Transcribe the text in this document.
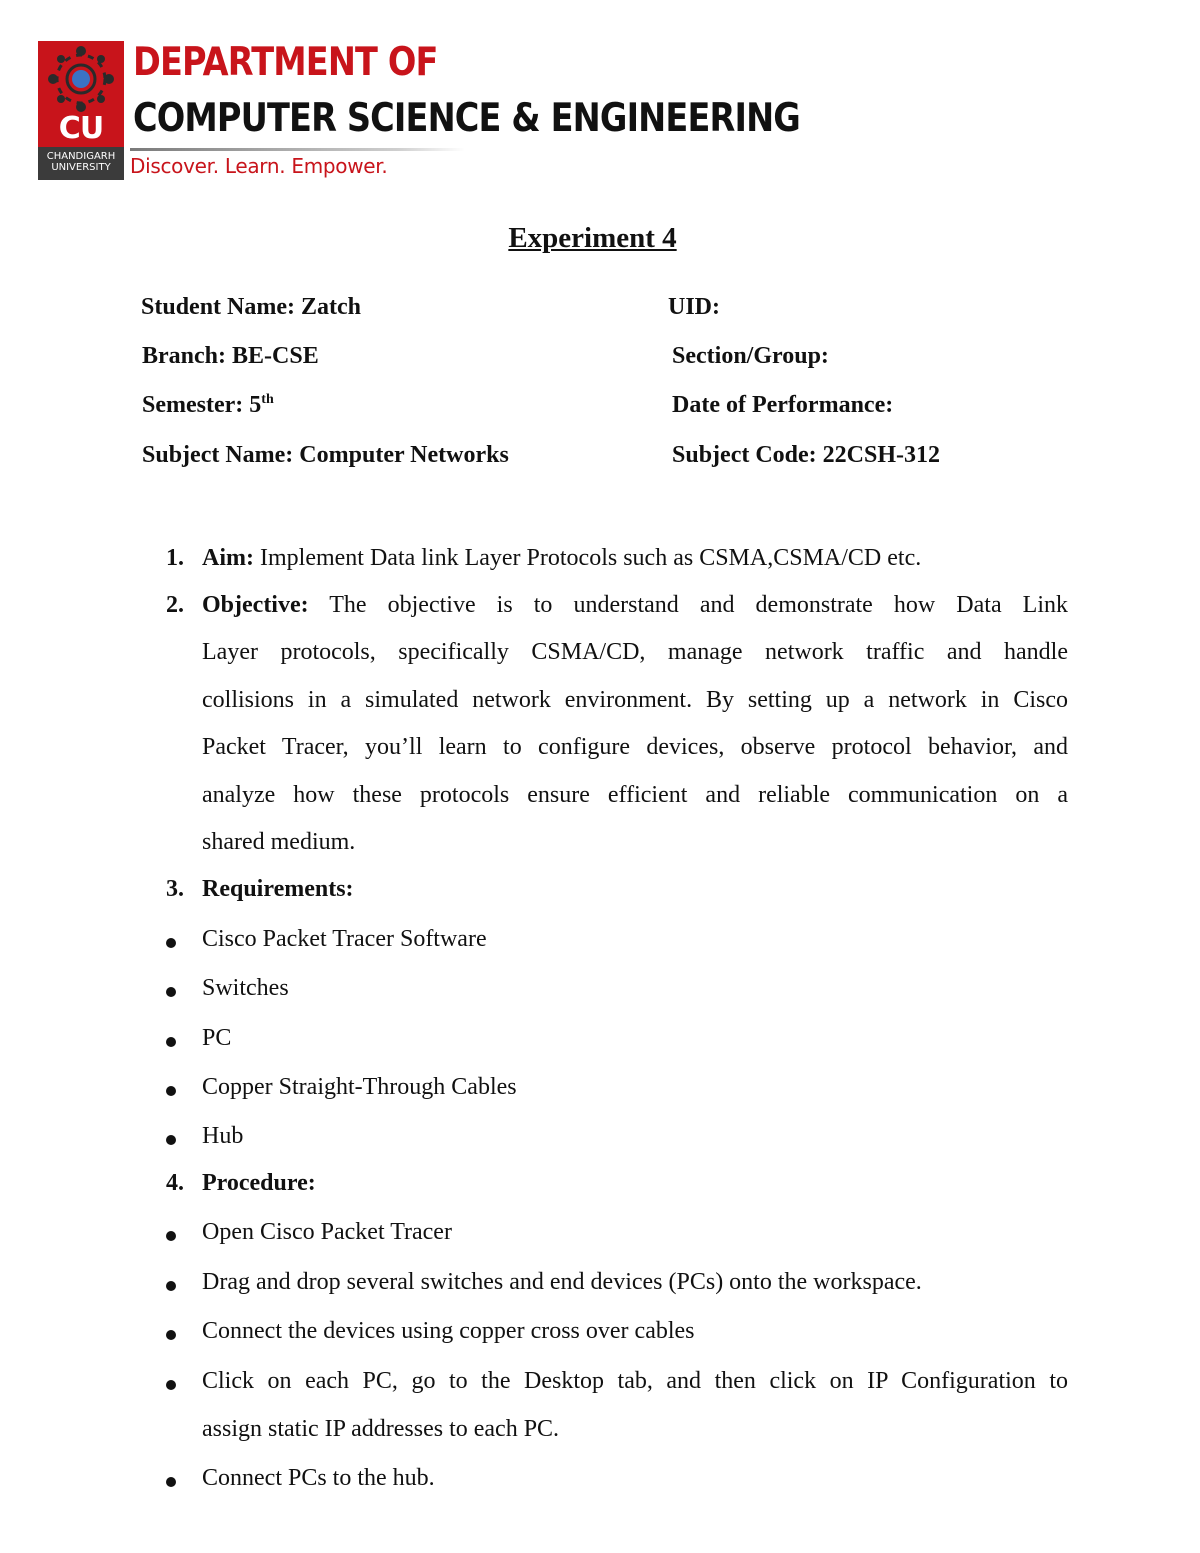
CU
CHANDIGARH UNIVERSITY
DEPARTMENT OF
COMPUTER SCIENCE & ENGINEERING
Discover. Learn. Empower.
Experiment 4
Student Name: Zatch	UID:
Branch: BE-CSE	Section/Group:
Semester: 5th	Date of Performance:
Subject Name: Computer Networks	Subject Code: 22CSH-312
1. Aim: Implement Data link Layer Protocols such as CSMA,CSMA/CD etc.
2. Objective: The objective is to understand and demonstrate how Data Link
Layer protocols, specifically CSMA/CD, manage network traffic and handle
collisions in a simulated network environment. By setting up a network in Cisco
Packet Tracer, you’ll learn to configure devices, observe protocol behavior, and
analyze how these protocols ensure efficient and reliable communication on a
shared medium.
3. Requirements:
Cisco Packet Tracer Software
Switches
PC
Copper Straight-Through Cables
Hub
4. Procedure:
Open Cisco Packet Tracer
Drag and drop several switches and end devices (PCs) onto the workspace.
Connect the devices using copper cross over cables
Click on each PC, go to the Desktop tab, and then click on IP Configuration to
assign static IP addresses to each PC.
Connect PCs to the hub.
